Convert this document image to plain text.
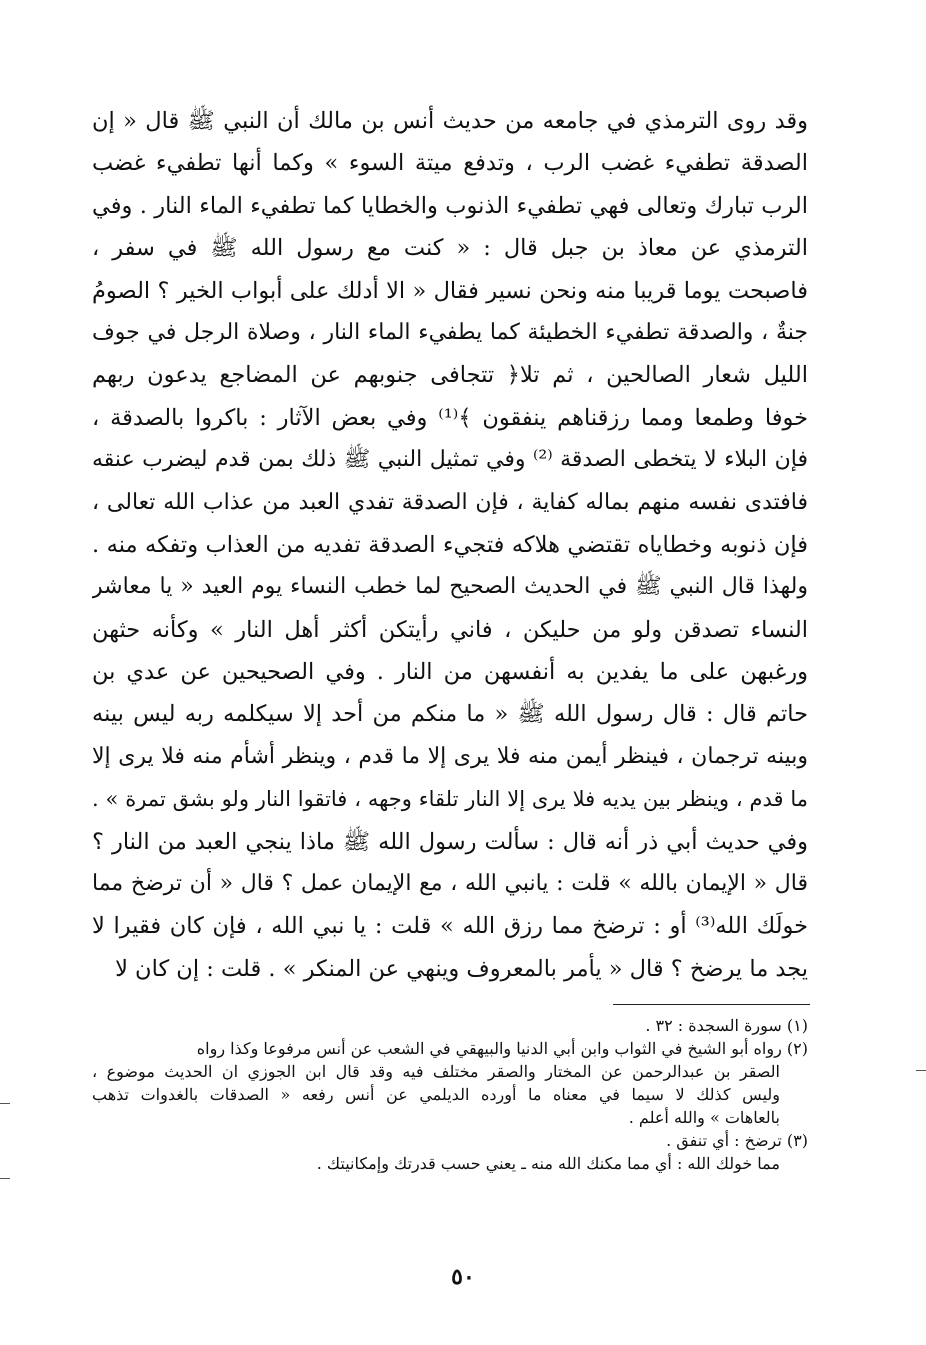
وقد روى الترمذي في جامعه من حديث أنس بن مالك أن النبي ﷺ قال « إن
الصدقة تطفيء غضب الرب ، وتدفع ميتة السوء » وكما أنها تطفيء غضب
الرب تبارك وتعالى فهي تطفيء الذنوب والخطايا كما تطفيء الماء النار . وفي
الترمذي عن معاذ بن جبل قال : « كنت مع رسول الله ﷺ في سفر ،
فاصبحت يوما قريبا منه ونحن نسير فقال « الا أدلك على أبواب الخير ؟ الصومُ
جنةٌ ، والصدقة تطفيء الخطيئة كما يطفيء الماء النار ، وصلاة الرجل في جوف
الليل شعار الصالحين ، ثم تلا﴿ تتجافى جنوبهم عن المضاجع يدعون ربهم
خوفا وطمعا ومما رزقناهم ينفقون ﴾⁽¹⁾ وفي بعض الآثار : باكروا بالصدقة ،
فإن البلاء لا يتخطى الصدقة ⁽²⁾ وفي تمثيل النبي ﷺ ذلك بمن قدم ليضرب عنقه
فافتدى نفسه منهم بماله كفاية ، فإن الصدقة تفدي العبد من عذاب الله تعالى ،
فإن ذنوبه وخطاياه تقتضي هلاكه فتجيء الصدقة تفديه من العذاب وتفكه منه .
ولهذا قال النبي ﷺ في الحديث الصحيح لما خطب النساء يوم العيد « يا معاشر
النساء تصدقن ولو من حليكن ، فاني رأيتكن أكثر أهل النار » وكأنه حثهن
ورغبهن على ما يفدين به أنفسهن من النار . وفي الصحيحين عن عدي بن
حاتم قال : قال رسول الله ﷺ « ما منكم من أحد إلا سيكلمه ربه ليس بينه
وبينه ترجمان ، فينظر أيمن منه فلا يرى إلا ما قدم ، وينظر أشأم منه فلا يرى إلا
ما قدم ، وينظر بين يديه فلا يرى إلا النار تلقاء وجهه ، فاتقوا النار ولو بشق تمرة » .
وفي حديث أبي ذر أنه قال : سألت رسول الله ﷺ ماذا ينجي العبد من النار ؟
قال « الإيمان بالله » قلت : يانبي الله ، مع الإيمان عمل ؟ قال « أن ترضخ مما
خولَك الله⁽³⁾ أو : ترضخ مما رزق الله » قلت : يا نبي الله ، فإن كان فقيرا لا
يجد ما يرضخ ؟ قال « يأمر بالمعروف وينهي عن المنكر » . قلت : إن كان لا
(١) سورة السجدة : ٣٢ .
(٢) رواه أبو الشيخ في الثواب وابن أبي الدنيا والبيهقي في الشعب عن أنس مرفوعا وكذا رواه
الصقر بن عبدالرحمن عن المختار والصقر مختلف فيه وقد قال ابن الجوزي ان الحديث موضوع ،
وليس كذلك لا سيما في معناه ما أورده الديلمي عن أنس رفعه « الصدقات بالغدوات تذهب
بالعاهات » والله أعلم .
(٣) ترضخ : أي تنفق .
مما خولك الله : أي مما مكنك الله منه ـ يعني حسب قدرتك وإمكانيتك .
٥٠
